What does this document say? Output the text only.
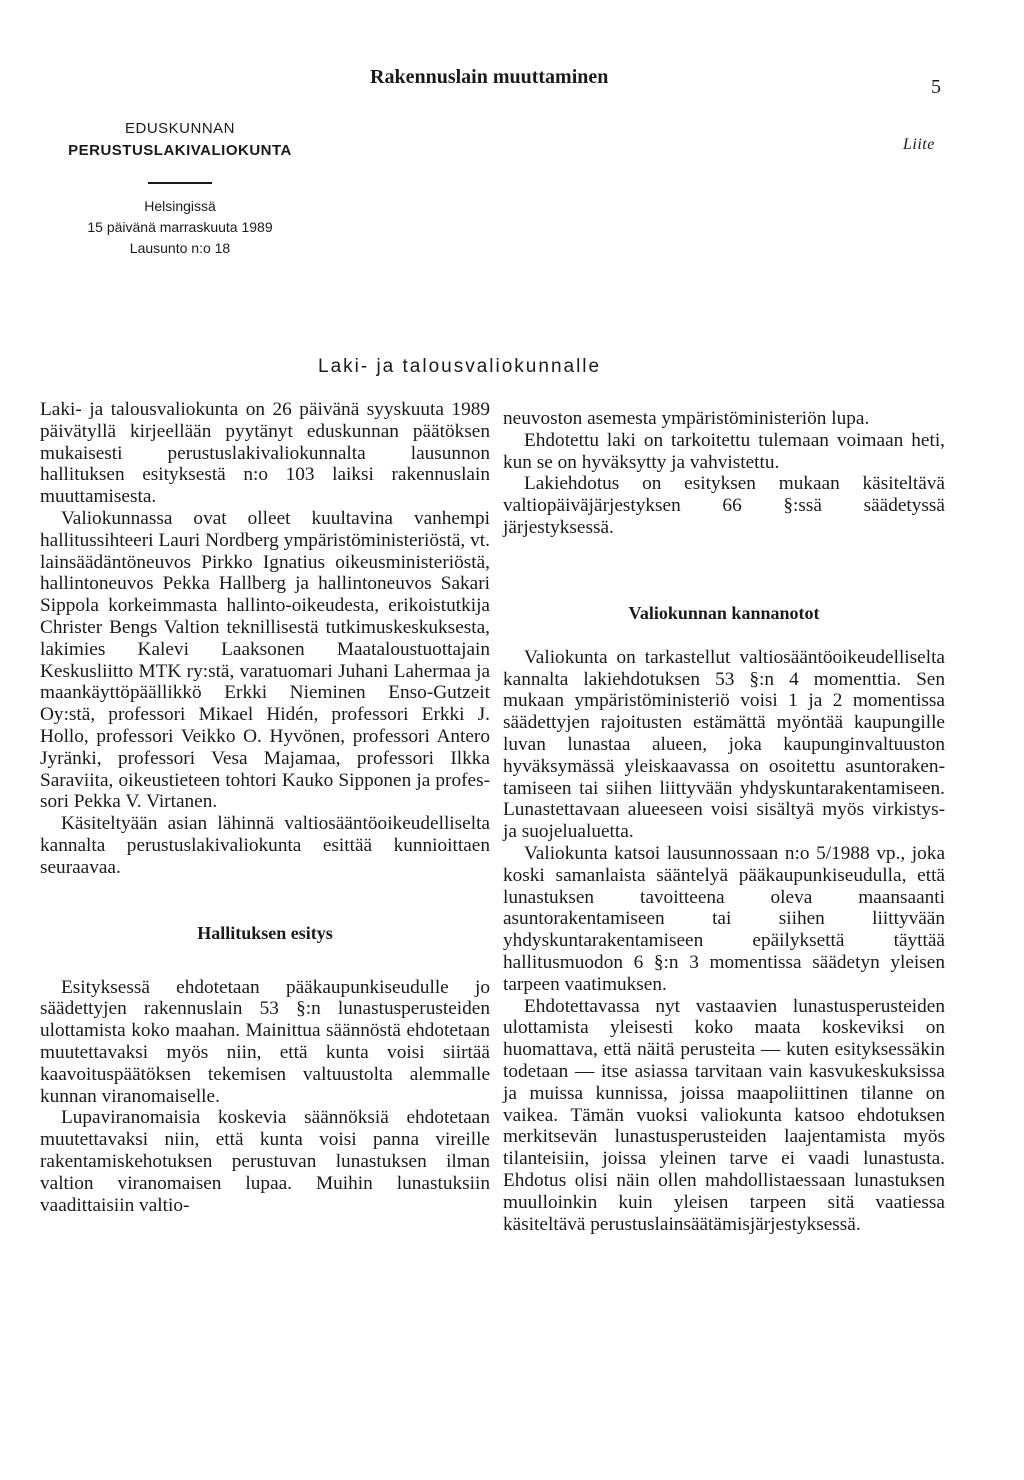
Rakennuslain muuttaminen	5
EDUSKUNNAN
PERUSTUSLAKIVALIOKUNTA
Helsingissä
15 päivänä marraskuuta 1989
Lausunto n:o 18
Liite
Laki- ja talousvaliokunnalle

Laki- ja talousvaliokunta on 26 päivänä syyskuuta 1989 päivätyllä kirjeellään pyytänyt eduskunnan päätöksen mukaisesti perustuslakivaliokunnalta lausunnon hallituksen esityksestä n:o 103 laiksi rakennuslain muuttamisesta.

Valiokunnassa ovat olleet kuultavina vanhempi hallitussihteeri Lauri Nordberg ympäristöministeriöstä, vt. lainsäädäntöneuvos Pirkko Ignatius oikeusministeriöstä, hallintoneuvos Pekka Hallberg ja hallintoneuvos Sakari Sippola korkeimmasta hallinto-oikeudesta, erikoistutkija Christer Bengs Valtion teknillisestä tutkimuskeskuksesta, lakimies Kalevi Laaksonen Maataloustuottajain Keskusliitto MTK ry:stä, varatuomari Juhani Lahermaa ja maankäyttöpäällikkö Erkki Nieminen Enso-Gutzeit Oy:stä, professori Mikael Hidén, professori Erkki J. Hollo, professori Veikko O. Hyvönen, professori Antero Jyränki, professori Vesa Majamaa, professori Ilkka Saraviita, oikeustieteen tohtori Kauko Sipponen ja professori Pekka V. Virtanen.

Käsiteltyään asian lähinnä valtiosääntöoikeudelliselta kannalta perustuslakivaliokunta esittää kunnioittaen seuraavaa.

Hallituksen esitys

Esityksessä ehdotetaan pääkaupunkiseudulle jo säädettyjen rakennuslain 53 §:n lunastusperusteiden ulottamista koko maahan. Mainittua säännöstä ehdotetaan muutettavaksi myös niin, että kunta voisi siirtää kaavoituspäätöksen tekemisen valtuustolta alemmalle kunnan viranomaiselle.

Lupaviranomaisia koskevia säännöksiä ehdotetaan muutettavaksi niin, että kunta voisi panna vireille rakentamiskehotuksen perustuvan lunastuksen ilman valtion viranomaisen lupaa. Muihin lunastuksiin vaadittaisiin valtio-

neuvoston asemesta ympäristöministeriön lupa.

Ehdotettu laki on tarkoitettu tulemaan voimaan heti, kun se on hyväksytty ja vahvistettu.

Lakiehdotus on esityksen mukaan käsiteltävä valtiopäiväjärjestyksen 66 §:ssä säädetyssä järjestyksessä.

Valiokunnan kannanotot

Valiokunta on tarkastellut valtiosääntöoikeudelliselta kannalta lakiehdotuksen 53 §:n 4 momenttia. Sen mukaan ympäristöministeriö voisi 1 ja 2 momentissa säädettyjen rajoitusten estämättä myöntää kaupungille luvan lunastaa alueen, joka kaupunginvaltuuston hyväksymässä yleiskaavassa on osoitettu asuntorakentamiseen tai siihen liittyvään yhdyskuntarakentamiseen. Lunastettavaan alueeseen voisi sisältyä myös virkistys- ja suojelualuetta.

Valiokunta katsoi lausunnossaan n:o 5/1988 vp., joka koski samanlaista sääntelyä pääkaupunkiseudulla, että lunastuksen tavoitteena oleva maansaanti asuntorakentamiseen tai siihen liittyvään yhdyskuntarakentamiseen epäilyksettä täyttää hallitusmuodon 6 §:n 3 momentissa säädetyn yleisen tarpeen vaatimuksen.

Ehdotettavassa nyt vastaavien lunastusperusteiden ulottamista yleisesti koko maata koskeviksi on huomattava, että näitä perusteita — kuten esityksessäkin todetaan — itse asiassa tarvitaan vain kasvukeskuksissa ja muissa kunnissa, joissa maapoliittinen tilanne on vaikea. Tämän vuoksi valiokunta katsoo ehdotuksen merkitsevän lunastusperusteiden laajentamista myös tilanteisiin, joissa yleinen tarve ei vaadi lunastusta. Ehdotus olisi näin ollen mahdollistaessaan lunastuksen muulloinkin kuin yleisen tarpeen sitä vaatiessa käsiteltävä perustuslainsäätämisjärjestyksessä.
